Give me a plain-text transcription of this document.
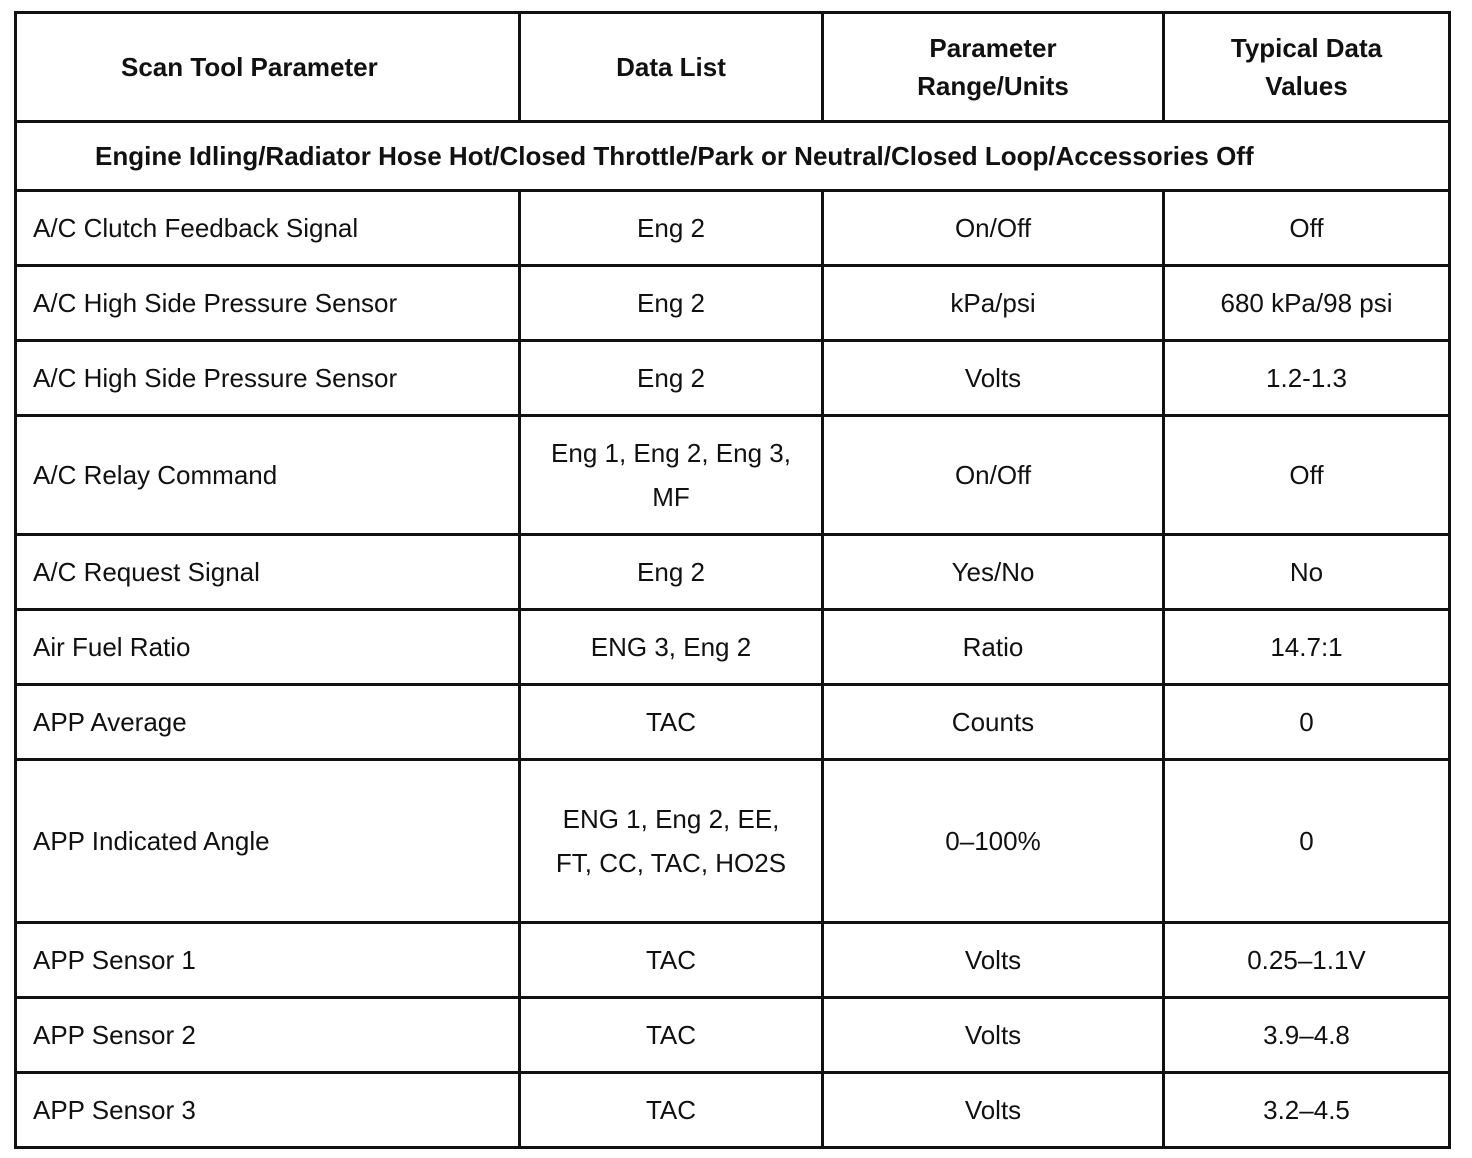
Scan Tool Parameter	Data List	Parameter Range/Units	Typical Data Values
Engine Idling/Radiator Hose Hot/Closed Throttle/Park or Neutral/Closed Loop/Accessories Off			
A/C Clutch Feedback Signal	Eng 2	On/Off	Off
A/C High Side Pressure Sensor	Eng 2	kPa/psi	680 kPa/98 psi
A/C High Side Pressure Sensor	Eng 2	Volts	1.2-1.3
A/C Relay Command	Eng 1, Eng 2, Eng 3, MF	On/Off	Off
A/C Request Signal	Eng 2	Yes/No	No
Air Fuel Ratio	ENG 3, Eng 2	Ratio	14.7:1
APP Average	TAC	Counts	0
APP Indicated Angle	ENG 1, Eng 2, EE, FT, CC, TAC, HO2S	0–100%	0
APP Sensor 1	TAC	Volts	0.25–1.1V
APP Sensor 2	TAC	Volts	3.9–4.8
APP Sensor 3	TAC	Volts	3.2–4.5
